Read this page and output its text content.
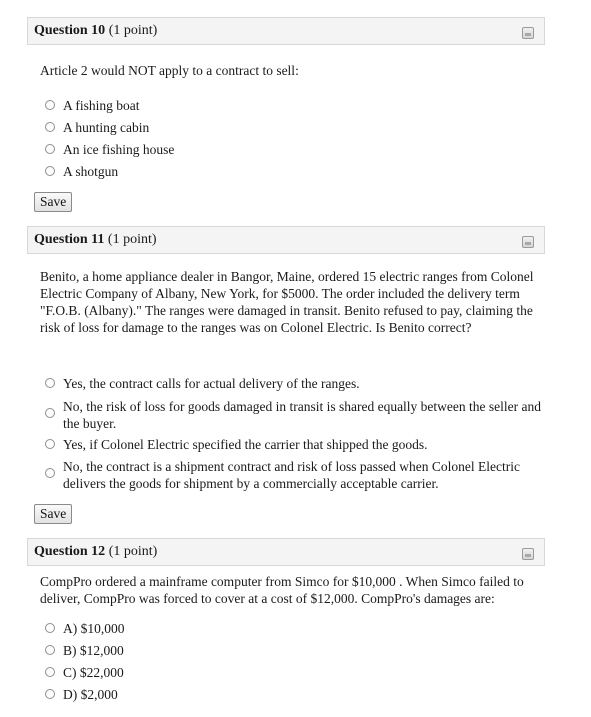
Question 10 (1 point)
Article 2 would NOT apply to a contract to sell:
A fishing boat
A hunting cabin
An ice fishing house
A shotgun
Save
Question 11 (1 point)
Benito, a home appliance dealer in Bangor, Maine, ordered 15 electric ranges from Colonel Electric Company of Albany, New York, for $5000. The order included the delivery term "F.O.B. (Albany)." The ranges were damaged in transit. Benito refused to pay, claiming the risk of loss for damage to the ranges was on Colonel Electric. Is Benito correct?
Yes, the contract calls for actual delivery of the ranges.
No, the risk of loss for goods damaged in transit is shared equally between the seller and the buyer.
Yes, if Colonel Electric specified the carrier that shipped the goods.
No, the contract is a shipment contract and risk of loss passed when Colonel Electric delivers the goods for shipment by a commercially acceptable carrier.
Save
Question 12 (1 point)
CompPro ordered a mainframe computer from Simco for $10,000 . When Simco failed to deliver, CompPro was forced to cover at a cost of $12,000. CompPro's damages are:
A) $10,000
B) $12,000
C) $22,000
D) $2,000
